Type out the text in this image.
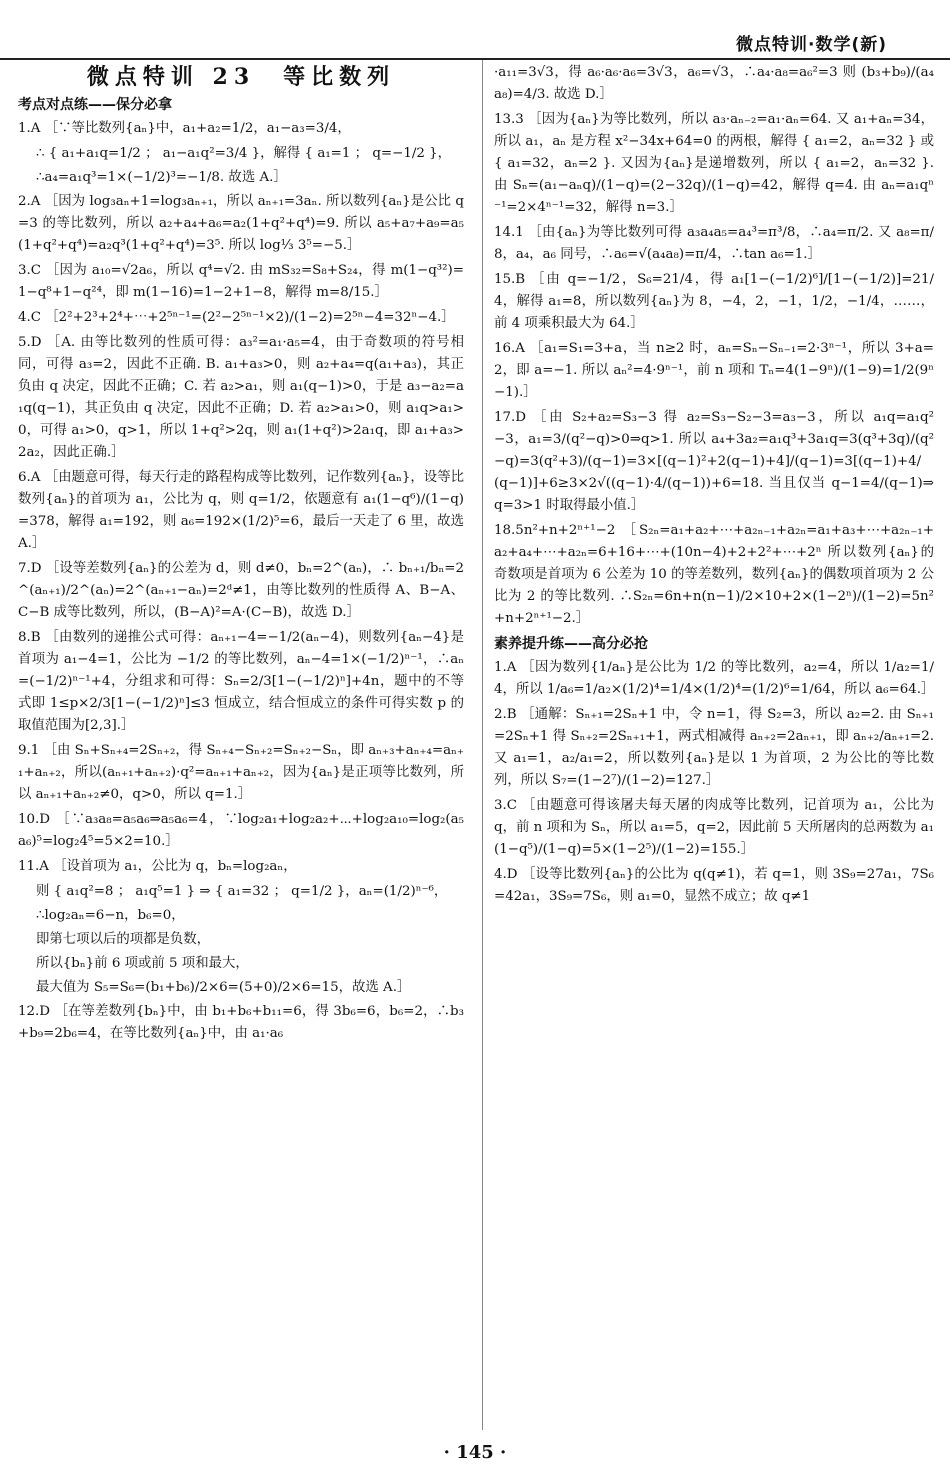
微点特训·数学(新)
微点特训 23　等比数列
考点对点练——保分必拿
1.A ［∵等比数列{aₙ}中，a₁+a₂=1/2，a₁−a₃=3/4，
∴ { a₁+a₁q=1/2 ； a₁−a₁q²=3/4 }，解得 { a₁=1 ； q=−1/2 }，
∴a₄=a₁q³=1×(−1/2)³=−1/8. 故选 A.］
2.A ［因为 log₃aₙ+1=log₃aₙ₊₁，所以 aₙ₊₁=3aₙ. 所以数列{aₙ}是公比 q=3 的等比数列，所以 a₂+a₄+a₆=a₂(1+q²+q⁴)=9. 所以 a₅+a₇+a₉=a₅(1+q²+q⁴)=a₂q³(1+q²+q⁴)=3⁵. 所以 log⅓ 3⁵=−5.］
3.C ［因为 a₁₀=√2a₆，所以 q⁴=√2. 由 mS₃₂=S₈+S₂₄，得 m(1−q³²)=1−q⁸+1−q²⁴，即 m(1−16)=1−2+1−8，解得 m=8/15.］
4.C ［2²+2³+2⁴+⋯+2⁵ⁿ⁻¹=(2²−2⁵ⁿ⁻¹×2)/(1−2)=2⁵ⁿ−4=32ⁿ−4.］
5.D ［A. 由等比数列的性质可得：a₃²=a₁·a₅=4，由于奇数项的符号相同，可得 a₃=2，因此不正确. B. a₁+a₃>0，则 a₂+a₄=q(a₁+a₃)，其正负由 q 决定，因此不正确；C. 若 a₂>a₁，则 a₁(q−1)>0，于是 a₃−a₂=a₁q(q−1)，其正负由 q 决定，因此不正确；D. 若 a₂>a₁>0，则 a₁q>a₁>0，可得 a₁>0，q>1，所以 1+q²>2q，则 a₁(1+q²)>2a₁q，即 a₁+a₃>2a₂，因此正确.］
6.A ［由题意可得，每天行走的路程构成等比数列，记作数列{aₙ}，设等比数列{aₙ}的首项为 a₁，公比为 q，则 q=1/2，依题意有 a₁(1−q⁶)/(1−q)=378，解得 a₁=192，则 a₆=192×(1/2)⁵=6，最后一天走了 6 里，故选 A.］
7.D ［设等差数列{aₙ}的公差为 d，则 d≠0，bₙ=2^(aₙ)，∴ bₙ₊₁/bₙ=2^(aₙ₊₁)/2^(aₙ)=2^(aₙ₊₁−aₙ)=2ᵈ≠1，由等比数列的性质得 A、B−A、C−B 成等比数列，所以，(B−A)²=A·(C−B)，故选 D.］
8.B ［由数列的递推公式可得：aₙ₊₁−4=−1/2(aₙ−4)，则数列{aₙ−4}是首项为 a₁−4=1，公比为 −1/2 的等比数列，aₙ−4=1×(−1/2)ⁿ⁻¹，∴aₙ=(−1/2)ⁿ⁻¹+4，分组求和可得：Sₙ=2/3[1−(−1/2)ⁿ]+4n，题中的不等式即 1≤p×2/3[1−(−1/2)ⁿ]≤3 恒成立，结合恒成立的条件可得实数 p 的取值范围为[2,3].］
9.1 ［由 Sₙ+Sₙ₊₄=2Sₙ₊₂，得 Sₙ₊₄−Sₙ₊₂=Sₙ₊₂−Sₙ，即 aₙ₊₃+aₙ₊₄=aₙ₊₁+aₙ₊₂，所以(aₙ₊₁+aₙ₊₂)·q²=aₙ₊₁+aₙ₊₂，因为{aₙ}是正项等比数列，所以 aₙ₊₁+aₙ₊₂≠0，q>0，所以 q=1.］
10.D ［∵a₃a₈=a₅a₆⇒a₅a₆=4，∵log₂a₁+log₂a₂+⋯+log₂a₁₀=log₂(a₅a₆)⁵=log₂4⁵=5×2=10.］
11.A ［设首项为 a₁，公比为 q，bₙ=log₂aₙ，
则 { a₁q²=8 ； a₁q⁵=1 } ⇒ { a₁=32 ； q=1/2 }，aₙ=(1/2)ⁿ⁻⁶，
∴log₂aₙ=6−n，b₆=0，
即第七项以后的项都是负数，
所以{bₙ}前 6 项或前 5 项和最大，
最大值为 S₅=S₆=(b₁+b₆)/2×6=(5+0)/2×6=15，故选 A.］
12.D ［在等差数列{bₙ}中，由 b₁+b₆+b₁₁=6，得 3b₆=6，b₆=2，∴b₃+b₉=2b₆=4，在等比数列{aₙ}中，由 a₁·a₆
·a₁₁=3√3，得 a₆·a₆·a₆=3√3，a₆=√3，∴a₄·a₈=a₆²=3 则 (b₃+b₉)/(a₄a₈)=4/3. 故选 D.］
13.3 ［因为{aₙ}为等比数列，所以 a₃·aₙ₋₂=a₁·aₙ=64. 又 a₁+aₙ=34，所以 a₁，aₙ 是方程 x²−34x+64=0 的两根，解得 { a₁=2，aₙ=32 } 或 { a₁=32，aₙ=2 }. 又因为{aₙ}是递增数列，所以 { a₁=2，aₙ=32 }. 由 Sₙ=(a₁−aₙq)/(1−q)=(2−32q)/(1−q)=42，解得 q=4. 由 aₙ=a₁qⁿ⁻¹=2×4ⁿ⁻¹=32，解得 n=3.］
14.1 ［由{aₙ}为等比数列可得 a₃a₄a₅=a₄³=π³/8，∴a₄=π/2. 又 a₈=π/8，a₄，a₆ 同号，∴a₆=√(a₄a₈)=π/4，∴tan a₆=1.］
15.B ［由 q=−1/2，S₆=21/4，得 a₁[1−(−1/2)⁶]/[1−(−1/2)]=21/4，解得 a₁=8，所以数列{aₙ}为 8，−4，2，−1，1/2，−1/4，……，前 4 项乘积最大为 64.］
16.A ［a₁=S₁=3+a，当 n≥2 时，aₙ=Sₙ−Sₙ₋₁=2·3ⁿ⁻¹，所以 3+a=2，即 a=−1. 所以 aₙ²=4·9ⁿ⁻¹，前 n 项和 Tₙ=4(1−9ⁿ)/(1−9)=1/2(9ⁿ−1).］
17.D ［由 S₂+a₂=S₃−3 得 a₂=S₃−S₂−3=a₃−3，所以 a₁q=a₁q²−3，a₁=3/(q²−q)>0⇒q>1. 所以 a₄+3a₂=a₁q³+3a₁q=3(q³+3q)/(q²−q)=3(q²+3)/(q−1)=3×[(q−1)²+2(q−1)+4]/(q−1)=3[(q−1)+4/(q−1)]+6≥3×2√((q−1)·4/(q−1))+6=18. 当且仅当 q−1=4/(q−1)⇒q=3>1 时取得最小值.］
18.5n²+n+2ⁿ⁺¹−2 ［S₂ₙ=a₁+a₂+⋯+a₂ₙ₋₁+a₂ₙ=a₁+a₃+⋯+a₂ₙ₋₁+a₂+a₄+⋯+a₂ₙ=6+16+⋯+(10n−4)+2+2²+⋯+2ⁿ 所以数列{aₙ}的奇数项是首项为 6 公差为 10 的等差数列，数列{aₙ}的偶数项首项为 2 公比为 2 的等比数列. ∴S₂ₙ=6n+n(n−1)/2×10+2×(1−2ⁿ)/(1−2)=5n²+n+2ⁿ⁺¹−2.］
素养提升练——高分必抢
1.A ［因为数列{1/aₙ}是公比为 1/2 的等比数列，a₂=4，所以 1/a₂=1/4，所以 1/a₆=1/a₂×(1/2)⁴=1/4×(1/2)⁴=(1/2)⁶=1/64，所以 a₆=64.］
2.B ［通解：Sₙ₊₁=2Sₙ+1 中，令 n=1，得 S₂=3，所以 a₂=2. 由 Sₙ₊₁=2Sₙ+1 得 Sₙ₊₂=2Sₙ₊₁+1，两式相减得 aₙ₊₂=2aₙ₊₁，即 aₙ₊₂/aₙ₊₁=2. 又 a₁=1，a₂/a₁=2，所以数列{aₙ}是以 1 为首项，2 为公比的等比数列，所以 S₇=(1−2⁷)/(1−2)=127.］
3.C ［由题意可得该屠夫每天屠的肉成等比数列，记首项为 a₁，公比为 q，前 n 项和为 Sₙ，所以 a₁=5，q=2，因此前 5 天所屠肉的总两数为 a₁(1−q⁵)/(1−q)=5×(1−2⁵)/(1−2)=155.］
4.D ［设等比数列{aₙ}的公比为 q(q≠1)，若 q=1，则 3S₉=27a₁，7S₆=42a₁，3S₉=7S₆，则 a₁=0，显然不成立；故 q≠1
· 145 ·
